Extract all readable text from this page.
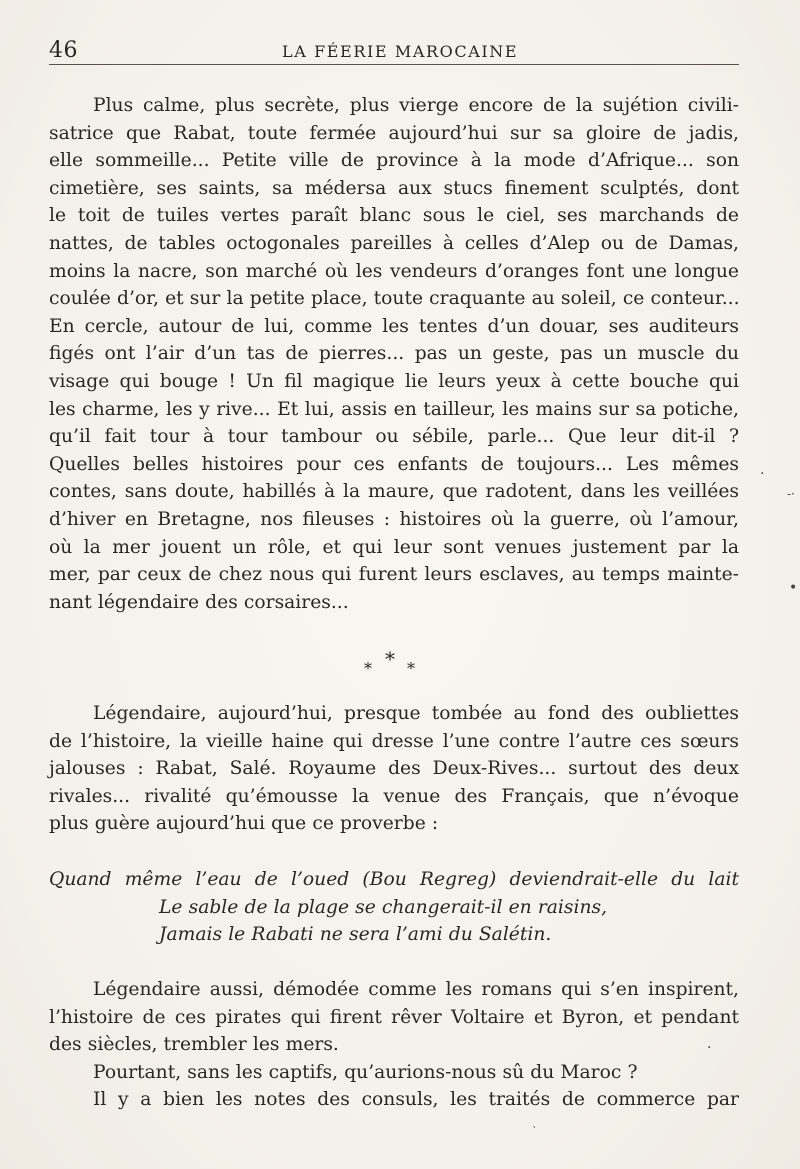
46	LA FÉERIE MAROCAINE
Plus calme, plus secrète, plus vierge encore de la sujétion civili-
satrice que Rabat, toute fermée aujourd’hui sur sa gloire de jadis,
elle sommeille... Petite ville de province à la mode d’Afrique... son
cimetière, ses saints, sa médersa aux stucs finement sculptés, dont
le toit de tuiles vertes paraît blanc sous le ciel, ses marchands de
nattes, de tables octogonales pareilles à celles d’Alep ou de Damas,
moins la nacre, son marché où les vendeurs d’oranges font une longue
coulée d’or, et sur la petite place, toute craquante au soleil, ce conteur...
En cercle, autour de lui, comme les tentes d’un douar, ses auditeurs
figés ont l’air d’un tas de pierres... pas un geste, pas un muscle du
visage qui bouge ! Un fil magique lie leurs yeux à cette bouche qui
les charme, les y rive... Et lui, assis en tailleur, les mains sur sa potiche,
qu’il fait tour à tour tambour ou sébile, parle... Que leur dit-il ?
Quelles belles histoires pour ces enfants de toujours... Les mêmes
contes, sans doute, habillés à la maure, que radotent, dans les veillées
d’hiver en Bretagne, nos fileuses : histoires où la guerre, où l’amour,
où la mer jouent un rôle, et qui leur sont venues justement par la
mer, par ceux de chez nous qui furent leurs esclaves, au temps mainte-
nant légendaire des corsaires...
*
* *
Légendaire, aujourd’hui, presque tombée au fond des oubliettes
de l’histoire, la vieille haine qui dresse l’une contre l’autre ces sœurs
jalouses : Rabat, Salé. Royaume des Deux-Rives... surtout des deux
rivales... rivalité qu’émousse la venue des Français, que n’évoque
plus guère aujourd’hui que ce proverbe :
Quand même l’eau de l’oued (Bou Regreg) deviendrait-elle du lait
Le sable de la plage se changerait-il en raisins,
Jamais le Rabati ne sera l’ami du Salétin.
Légendaire aussi, démodée comme les romans qui s’en inspirent,
l’histoire de ces pirates qui firent rêver Voltaire et Byron, et pendant
des siècles, trembler les mers.
Pourtant, sans les captifs, qu’aurions-nous sû du Maroc ?
Il y a bien les notes des consuls, les traités de commerce par
.
-·
•
·
`
